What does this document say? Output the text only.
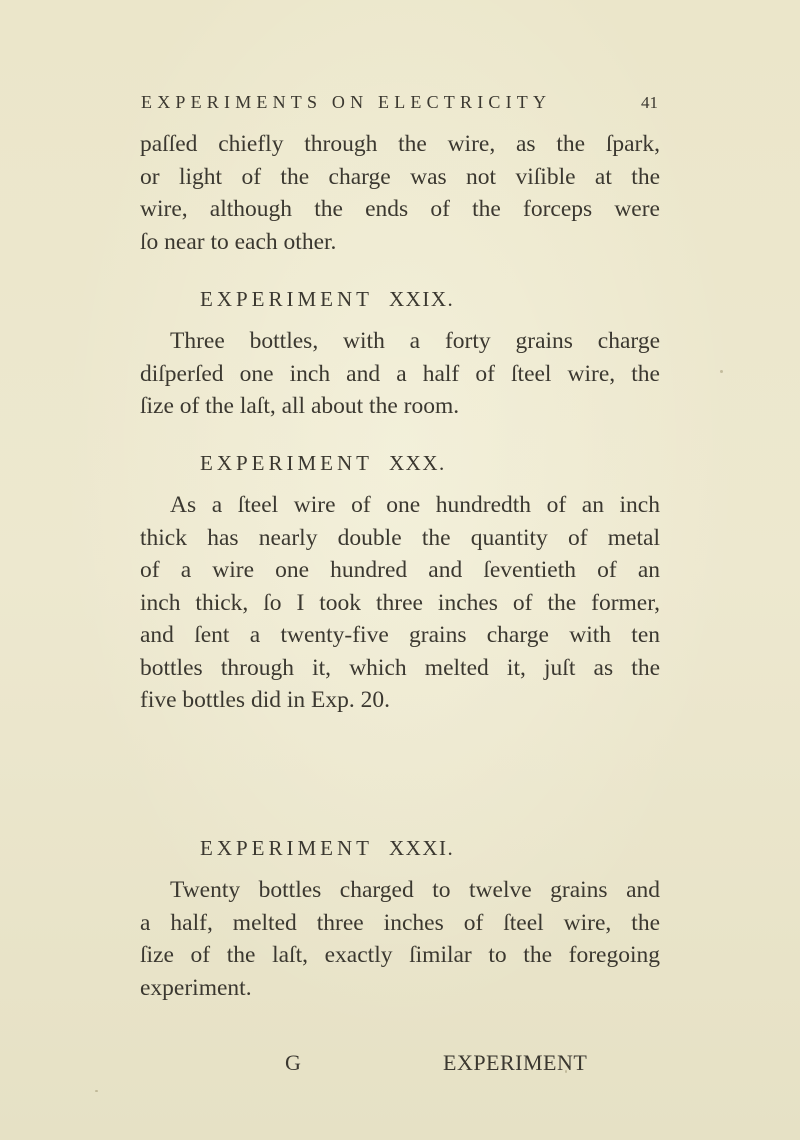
EXPERIMENTS ON ELECTRICITY	41
paſſed chiefly through the wire, as the ſpark,
or light of the charge was not viſible at the
wire, although the ends of the forceps were
ſo near to each other.
EXPERIMENT XXIX.
Three bottles, with a forty grains charge
diſperſed one inch and a half of ſteel wire, the
ſize of the laſt, all about the room.
EXPERIMENT XXX.
As a ſteel wire of one hundredth of an inch
thick has nearly double the quantity of metal
of a wire one hundred and ſeventieth of an
inch thick, ſo I took three inches of the former,
and ſent a twenty-five grains charge with ten
bottles through it, which melted it, juſt as the
five bottles did in Exp. 20.
EXPERIMENT XXXI.
Twenty bottles charged to twelve grains and
a half, melted three inches of ſteel wire, the
ſize of the laſt, exactly ſimilar to the foregoing
experiment.
G	EXPERIMENT
